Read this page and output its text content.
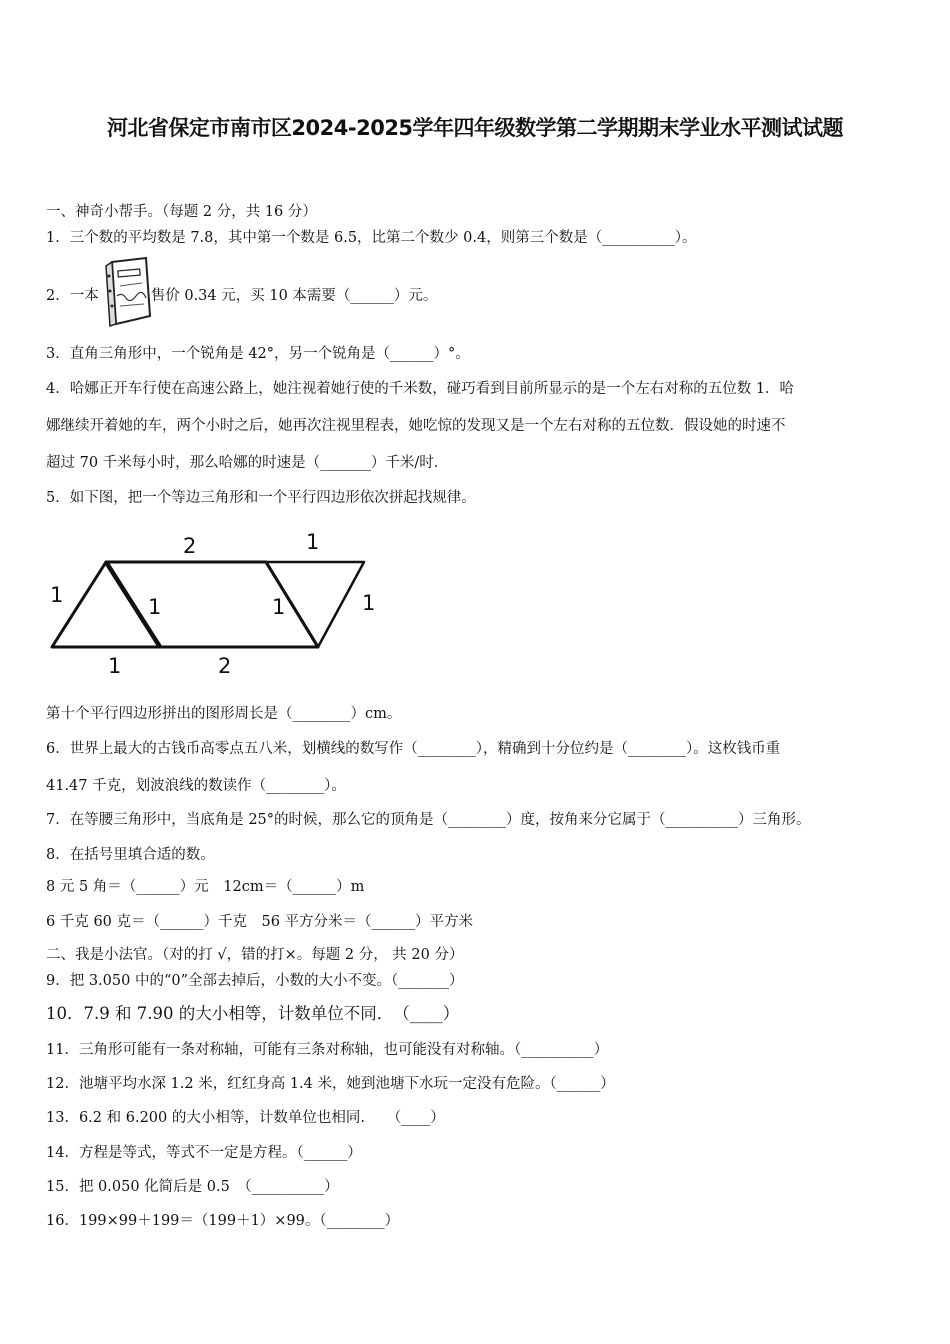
河北省保定市南市区2024-2025学年四年级数学第二学期期末学业水平测试试题
一、神奇小帮手。（每题 2 分，共 16 分）
1．三个数的平均数是 7.8，其中第一个数是 6.5，比第二个数少 0.4，则第三个数是（__________）。
2．一本	售价 0.34 元，买 10 本需要（______）元。
3．直角三角形中，一个锐角是 42°，另一个锐角是（______）°。
4．哈娜正开车行使在高速公路上，她注视着她行使的千米数，碰巧看到目前所显示的是一个左右对称的五位数 1．哈
娜继续开着她的车，两个小时之后，她再次注视里程表，她吃惊的发现又是一个左右对称的五位数．假设她的时速不
超过 70 千米每小时，那么哈娜的时速是（_______）千米/时．
5．如下图，把一个等边三角形和一个平行四边形依次拼起找规律。
2	1
1	1	1	1
1	2
第十个平行四边形拼出的图形周长是（________）cm。
6．世界上最大的古钱币高零点五八米，划横线的数写作（________），精确到十分位约是（________）。这枚钱币重
41.47 千克，划波浪线的数读作（________）。
7．在等腰三角形中，当底角是 25°的时候，那么它的顶角是（________）度，按角来分它属于（__________）三角形。
8．在括号里填合适的数。
8 元 5 角＝（______）元　12cm＝（______）m
6 千克 60 克＝（______）千克　56 平方分米＝（______）平方米
二、我是小法官。（对的打 √，错的打×。每题 2 分， 共 20 分）
9．把 3.050 中的“0”全部去掉后，小数的大小不变。（_______）
10．7.9 和 7.90 的大小相等，计数单位不同．　（____）
11．三角形可能有一条对称轴，可能有三条对称轴，也可能没有对称轴。（__________）
12．池塘平均水深 1.2 米，红红身高 1.4 米，她到池塘下水玩一定没有危险。（______）
13．6.2 和 6.200 的大小相等，计数单位也相同.　　（____）
14．方程是等式，等式不一定是方程。（______）
15．把 0.050 化简后是 0.5　（__________）
16．199×99＋199＝（199＋1）×99。（________）
